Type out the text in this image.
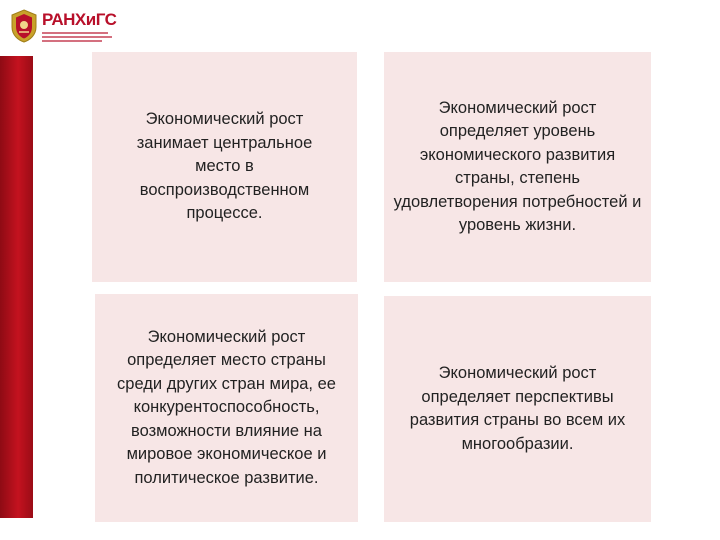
РАНХиГС

Экономический рост занимает центральное место в воспроизводственном процессе.

Экономический рост определяет уровень экономического развития страны, степень удовлетворения потребностей и уровень жизни.

Экономический рост определяет место страны среди других стран мира, ее конкурентоспособность, возможности влияние на мировое экономическое и политическое развитие.

Экономический рост определяет перспективы развития страны во всем их многообразии.
